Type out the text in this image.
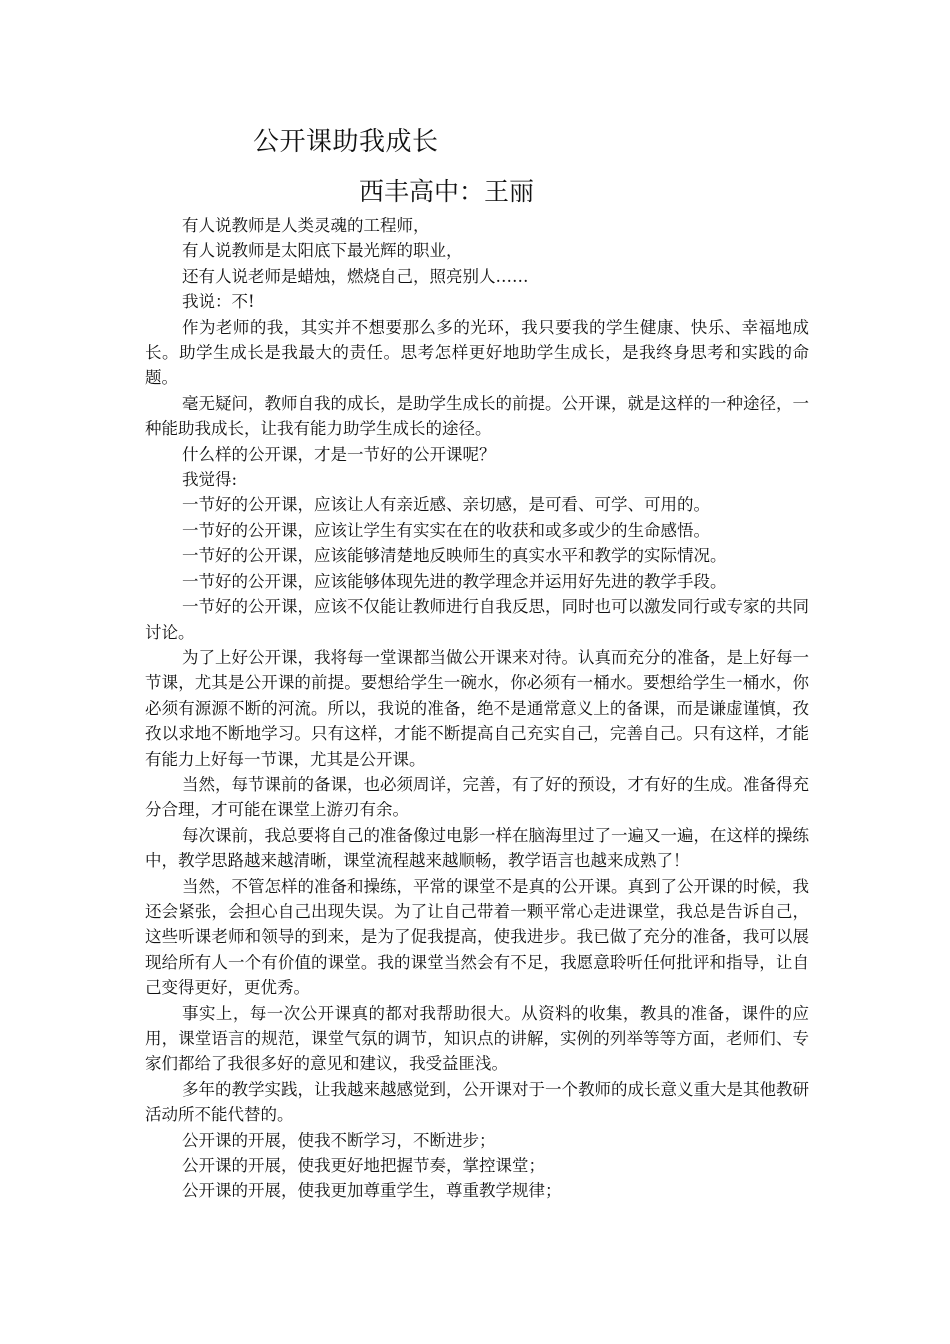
公开课助我成长
西丰高中：王丽

有人说教师是人类灵魂的工程师，

有人说教师是太阳底下最光辉的职业，

还有人说老师是蜡烛，燃烧自己，照亮别人……

我说：不!

作为老师的我，其实并不想要那么多的光环，我只要我的学生健康、快乐、幸福地成长。助学生成长是我最大的责任。思考怎样更好地助学生成长，是我终身思考和实践的命题。

毫无疑问，教师自我的成长，是助学生成长的前提。公开课，就是这样的一种途径，一种能助我成长，让我有能力助学生成长的途径。

什么样的公开课，才是一节好的公开课呢？

我觉得:

一节好的公开课，应该让人有亲近感、亲切感，是可看、可学、可用的。

一节好的公开课，应该让学生有实实在在的收获和或多或少的生命感悟。

一节好的公开课，应该能够清楚地反映师生的真实水平和教学的实际情况。

一节好的公开课，应该能够体现先进的教学理念并运用好先进的教学手段。

一节好的公开课，应该不仅能让教师进行自我反思，同时也可以激发同行或专家的共同讨论。

为了上好公开课，我将每一堂课都当做公开课来对待。认真而充分的准备，是上好每一节课，尤其是公开课的前提。要想给学生一碗水，你必须有一桶水。要想给学生一桶水，你必须有源源不断的河流。所以，我说的准备，绝不是通常意义上的备课，而是谦虚谨慎，孜孜以求地不断地学习。只有这样，才能不断提高自己充实自己，完善自己。只有这样，才能有能力上好每一节课，尤其是公开课。

当然，每节课前的备课，也必须周详，完善，有了好的预设，才有好的生成。准备得充分合理，才可能在课堂上游刃有余。

每次课前，我总要将自己的准备像过电影一样在脑海里过了一遍又一遍，在这样的操练中，教学思路越来越清晰，课堂流程越来越顺畅，教学语言也越来成熟了！

当然，不管怎样的准备和操练，平常的课堂不是真的公开课。真到了公开课的时候，我还会紧张，会担心自己出现失误。为了让自己带着一颗平常心走进课堂，我总是告诉自己，这些听课老师和领导的到来，是为了促我提高，使我进步。我已做了充分的准备，我可以展现给所有人一个有价值的课堂。我的课堂当然会有不足，我愿意聆听任何批评和指导，让自己变得更好，更优秀。

事实上，每一次公开课真的都对我帮助很大。从资料的收集，教具的准备，课件的应用，课堂语言的规范，课堂气氛的调节，知识点的讲解，实例的列举等等方面，老师们、专家们都给了我很多好的意见和建议，我受益匪浅。

多年的教学实践，让我越来越感觉到，公开课对于一个教师的成长意义重大是其他教研活动所不能代替的。

公开课的开展，使我不断学习，不断进步；

公开课的开展，使我更好地把握节奏，掌控课堂；

公开课的开展，使我更加尊重学生，尊重教学规律；
